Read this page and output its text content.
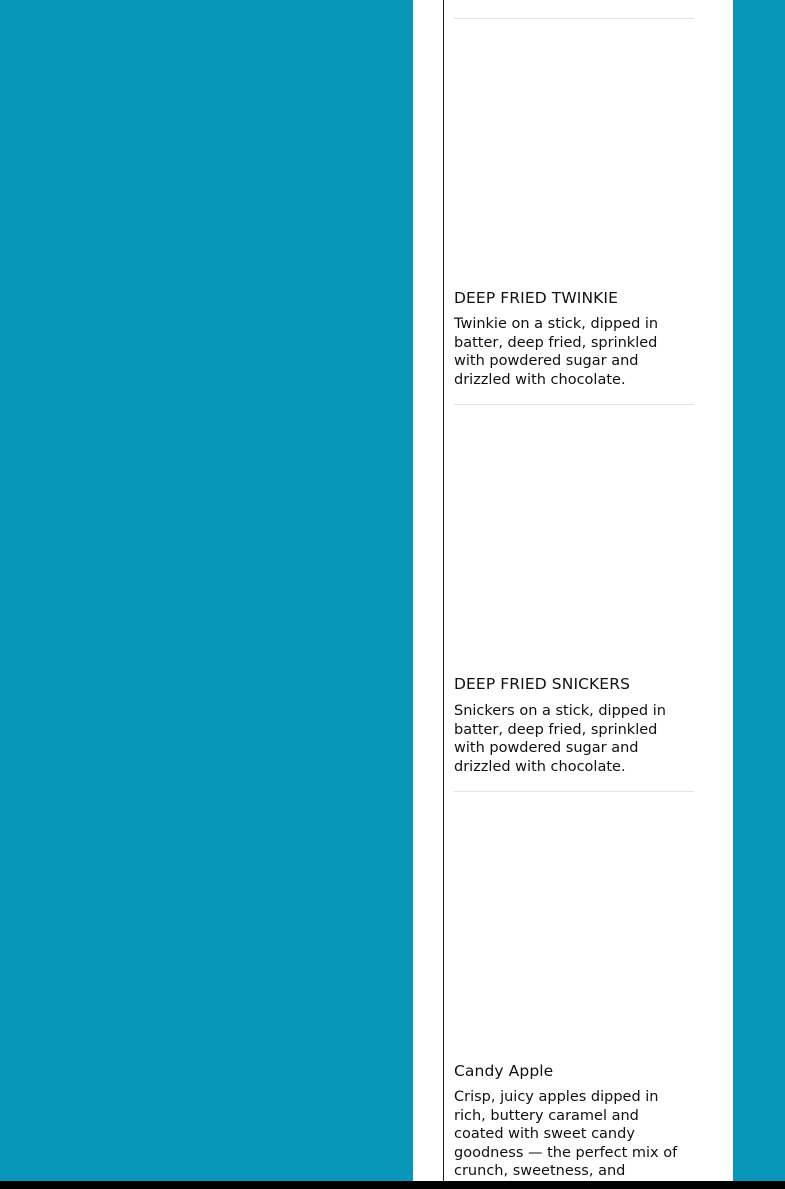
DEEP FRIED TWINKIE
Twinkie on a stick, dipped in batter, deep fried, sprinkled with powdered sugar and drizzled with chocolate.
DEEP FRIED SNICKERS
Snickers on a stick, dipped in batter, deep fried, sprinkled with powdered sugar and drizzled with chocolate.
Candy Apple
Crisp, juicy apples dipped in rich, buttery caramel and coated with sweet candy goodness — the perfect mix of crunch, sweetness, and
